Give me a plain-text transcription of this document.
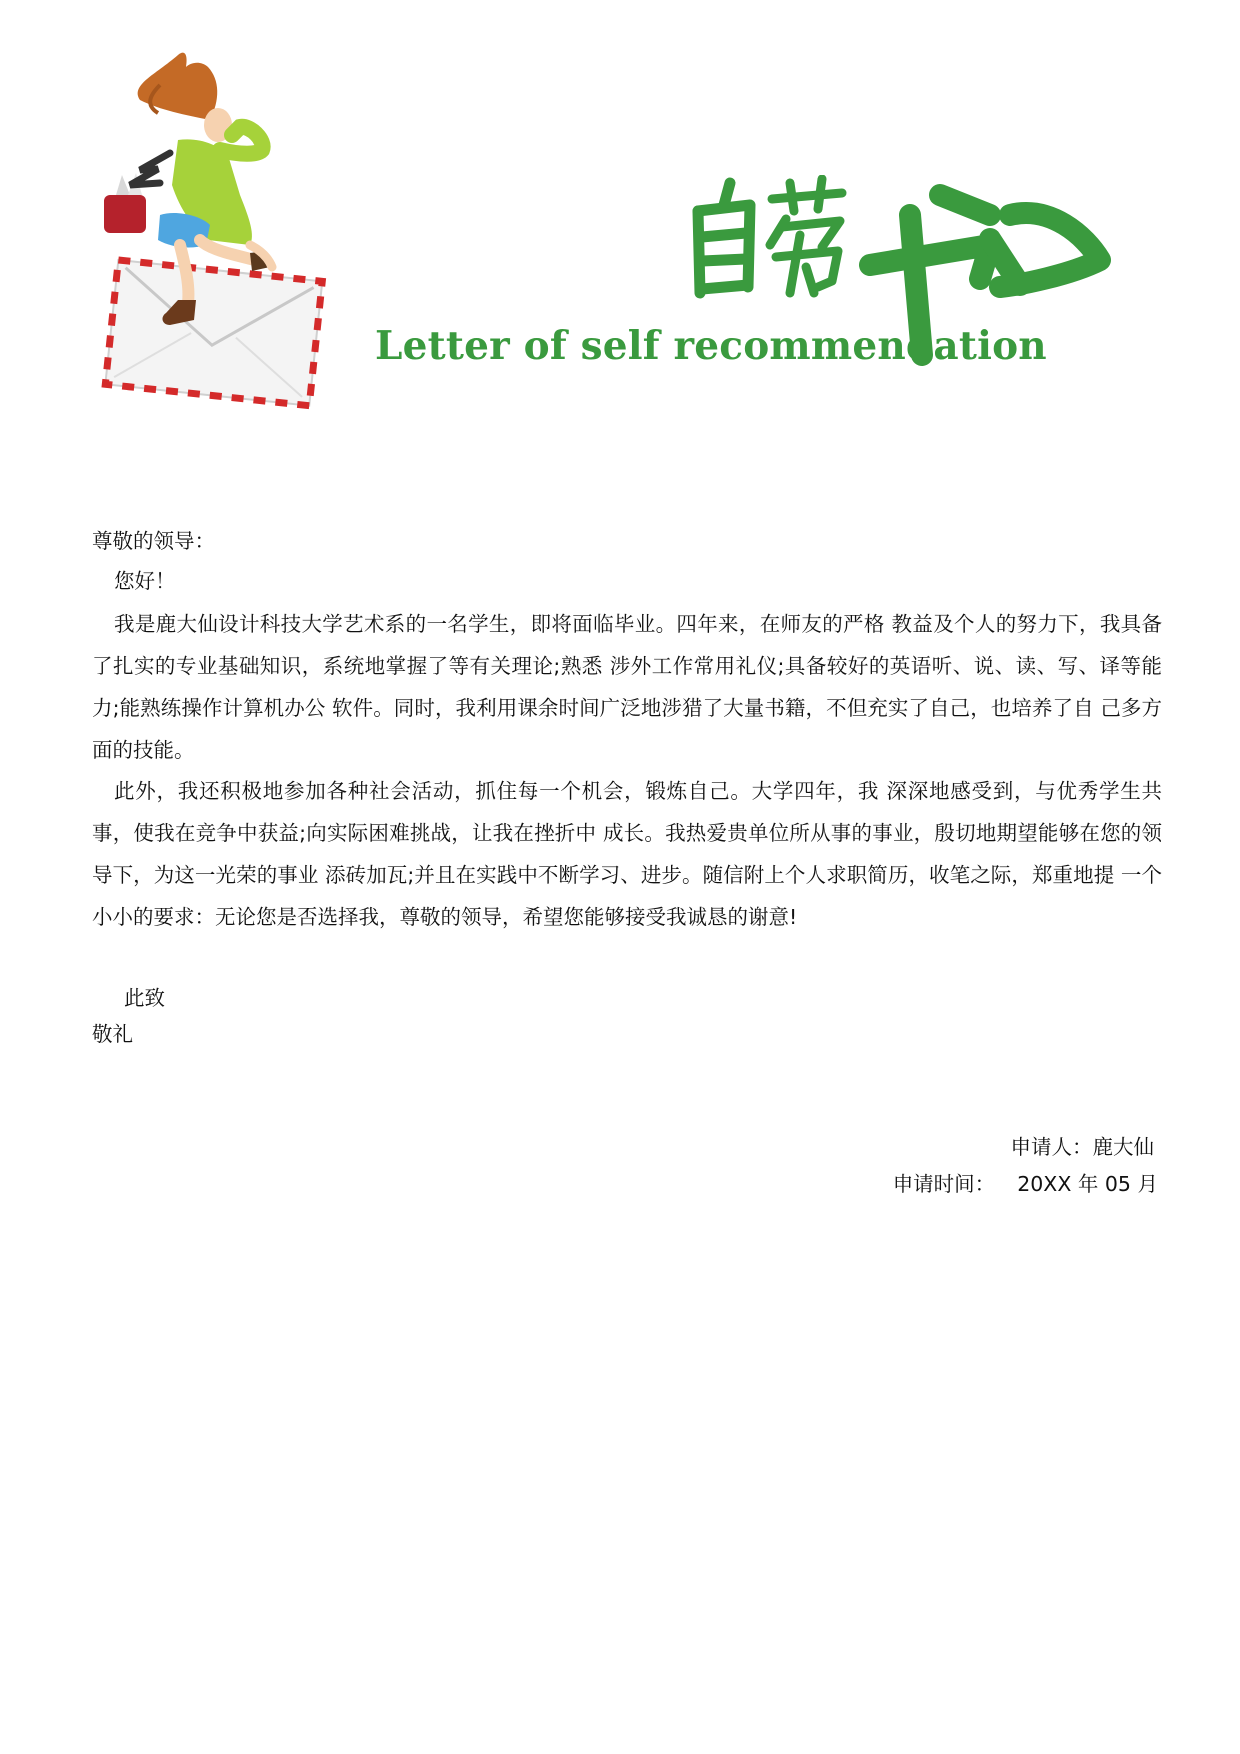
Letter of self recommendation
尊敬的领导：
您好！
我是鹿大仙设计科技大学艺术系的一名学生，即将面临毕业。四年来，在师友的严格 教益及个人的努力下，我具备了扎实的专业基础知识，系统地掌握了等有关理论;熟悉 涉外工作常用礼仪;具备较好的英语听、说、读、写、译等能力;能熟练操作计算机办公 软件。同时，我利用课余时间广泛地涉猎了大量书籍，不但充实了自己，也培养了自 己多方面的技能。
此外，我还积极地参加各种社会活动，抓住每一个机会，锻炼自己。大学四年，我 深深地感受到，与优秀学生共事，使我在竞争中获益;向实际困难挑战，让我在挫折中 成长。我热爱贵单位所从事的事业，殷切地期望能够在您的领导下，为这一光荣的事业 添砖加瓦;并且在实践中不断学习、进步。随信附上个人求职简历，收笔之际，郑重地提 一个小小的要求：无论您是否选择我，尊敬的领导，希望您能够接受我诚恳的谢意!
此致
敬礼
申请人：鹿大仙
申请时间： 20XX 年 05 月
